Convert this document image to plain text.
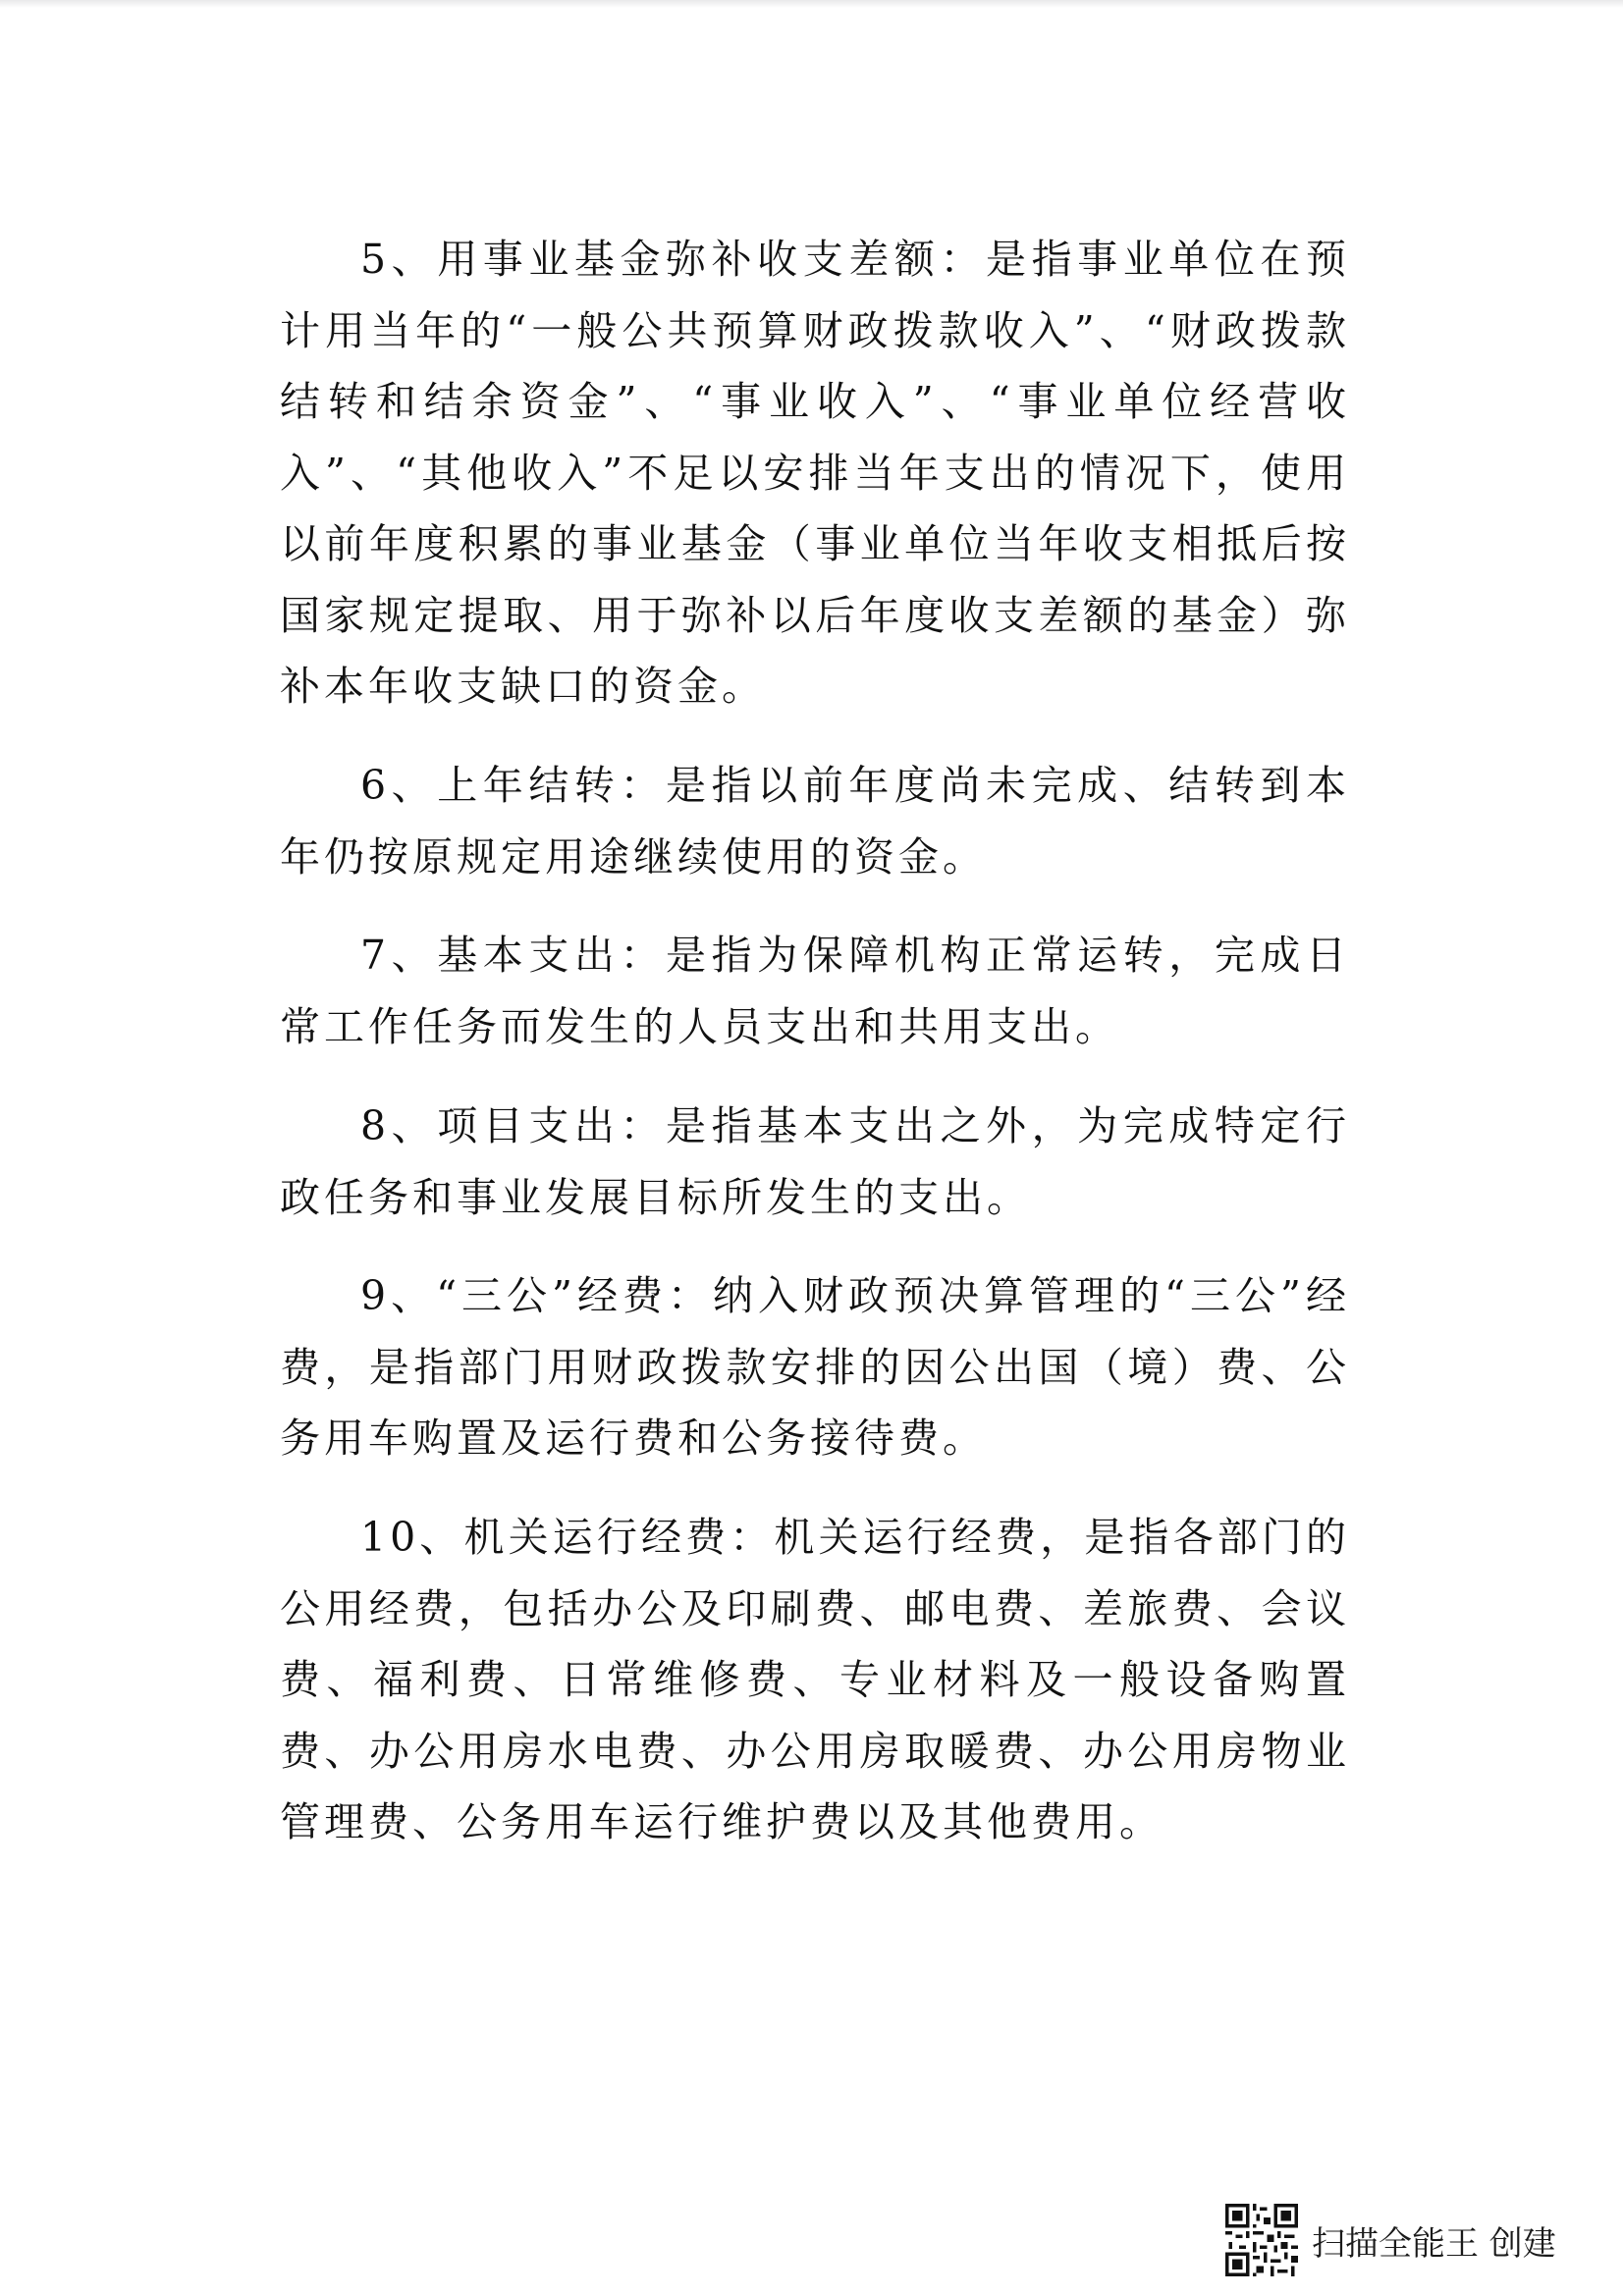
5、用事业基金弥补收支差额：是指事业单位在预计用当年的“一般公共预算财政拨款收入”、“财政拨款结转和结余资金”、“事业收入”、“事业单位经营收入”、“其他收入”不足以安排当年支出的情况下，使用以前年度积累的事业基金（事业单位当年收支相抵后按国家规定提取、用于弥补以后年度收支差额的基金）弥补本年收支缺口的资金。

6、上年结转：是指以前年度尚未完成、结转到本年仍按原规定用途继续使用的资金。

7、基本支出：是指为保障机构正常运转，完成日常工作任务而发生的人员支出和共用支出。

8、项目支出：是指基本支出之外，为完成特定行政任务和事业发展目标所发生的支出。

9、“三公”经费：纳入财政预决算管理的“三公”经费，是指部门用财政拨款安排的因公出国（境）费、公务用车购置及运行费和公务接待费。

10、机关运行经费：机关运行经费，是指各部门的公用经费，包括办公及印刷费、邮电费、差旅费、会议费、福利费、日常维修费、专业材料及一般设备购置费、办公用房水电费、办公用房取暖费、办公用房物业管理费、公务用车运行维护费以及其他费用。

扫描全能王 创建
